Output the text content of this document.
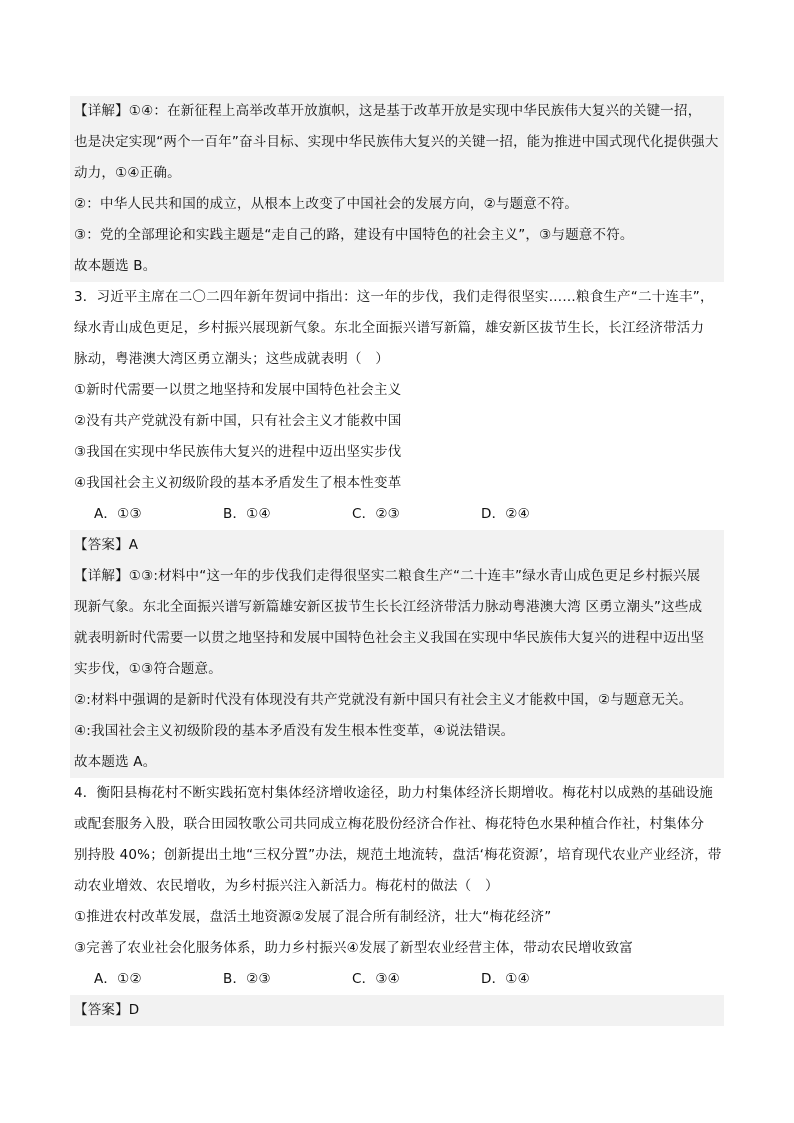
【详解】①④：在新征程上高举改革开放旗帜，这是基于改革开放是实现中华民族伟大复兴的关键一招，
也是决定实现“两个一百年”奋斗目标、实现中华民族伟大复兴的关键一招，能为推进中国式现代化提供强大
动力，①④正确。
②：中华人民共和国的成立，从根本上改变了中国社会的发展方向，②与题意不符。
③：党的全部理论和实践主题是“走自己的路，建设有中国特色的社会主义”，③与题意不符。
故本题选 B。
3．习近平主席在二〇二四年新年贺词中指出：这一年的步伐，我们走得很坚实……粮食生产“二十连丰”，
绿水青山成色更足，乡村振兴展现新气象。东北全面振兴谱写新篇，雄安新区拔节生长，长江经济带活力
脉动，粤港澳大湾区勇立潮头；这些成就表明（　）
①新时代需要一以贯之地坚持和发展中国特色社会主义
②没有共产党就没有新中国，只有社会主义才能救中国
③我国在实现中华民族伟大复兴的进程中迈出坚实步伐
④我国社会主义初级阶段的基本矛盾发生了根本性变革
A．①③	B．①④	C．②③	D．②④
【答案】A
【详解】①③:材料中“这一年的步伐我们走得很坚实二粮食生产“二十连丰”绿水青山成色更足乡村振兴展
现新气象。东北全面振兴谱写新篇雄安新区拔节生长长江经济带活力脉动粤港澳大湾 区勇立潮头”这些成
就表明新时代需要一以贯之地坚持和发展中国特色社会主义我国在实现中华民族伟大复兴的进程中迈出坚
实步伐，①③符合题意。
②:材料中强调的是新时代没有体现没有共产党就没有新中国只有社会主义才能救中国，②与题意无关。
④:我国社会主义初级阶段的基本矛盾没有发生根本性变革，④说法错误。
故本题选 A。
4．衡阳县梅花村不断实践拓宽村集体经济增收途径，助力村集体经济长期增收。梅花村以成熟的基础设施
或配套服务入股，联合田园牧歌公司共同成立梅花股份经济合作社、梅花特色水果种植合作社，村集体分
别持股 40%；创新提出土地“三权分置”办法，规范土地流转，盘活‘梅花资源’，培育现代农业产业经济，带
动农业增效、农民增收，为乡村振兴注入新活力。梅花村的做法（　）
①推进农村改革发展，盘活土地资源②发展了混合所有制经济，壮大“梅花经济”
③完善了农业社会化服务体系，助力乡村振兴④发展了新型农业经营主体，带动农民增收致富
A．①②	B．②③	C．③④	D．①④
【答案】D
